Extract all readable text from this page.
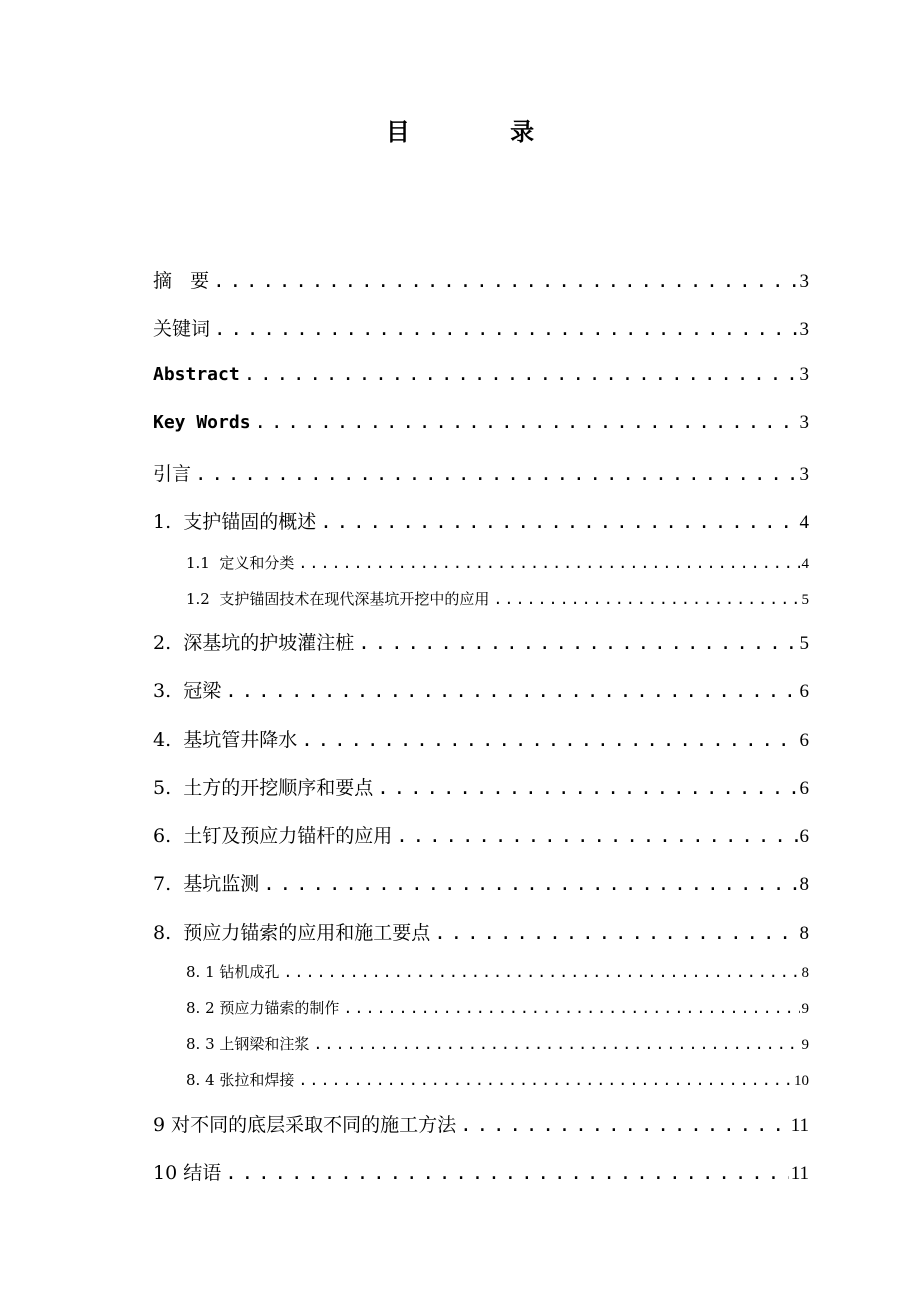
目 录
摘   要 .....	3
关键词 .....	3
Abstract .....	3
Key Words .....	3
引言 .....	3
1.  支护锚固的概述 .....	4
1.1  定义和分类 .....	4
1.2  支护锚固技术在现代深基坑开挖中的应用 .....	5
2.  深基坑的护坡灌注桩 .....	5
3.  冠梁 .....	6
4.  基坑管井降水 .....	6
5.  土方的开挖顺序和要点 .....	6
6.  土钉及预应力锚杆的应用 .....	6
7.  基坑监测 .....	8
8.  预应力锚索的应用和施工要点 .....	8
8. 1 钻机成孔 .....	8
8. 2 预应力锚索的制作 .....	9
8. 3 上钢梁和注浆 .....	9
8. 4 张拉和焊接 .....	10
9 对不同的底层采取不同的施工方法 .....	11
10 结语 .....	11
